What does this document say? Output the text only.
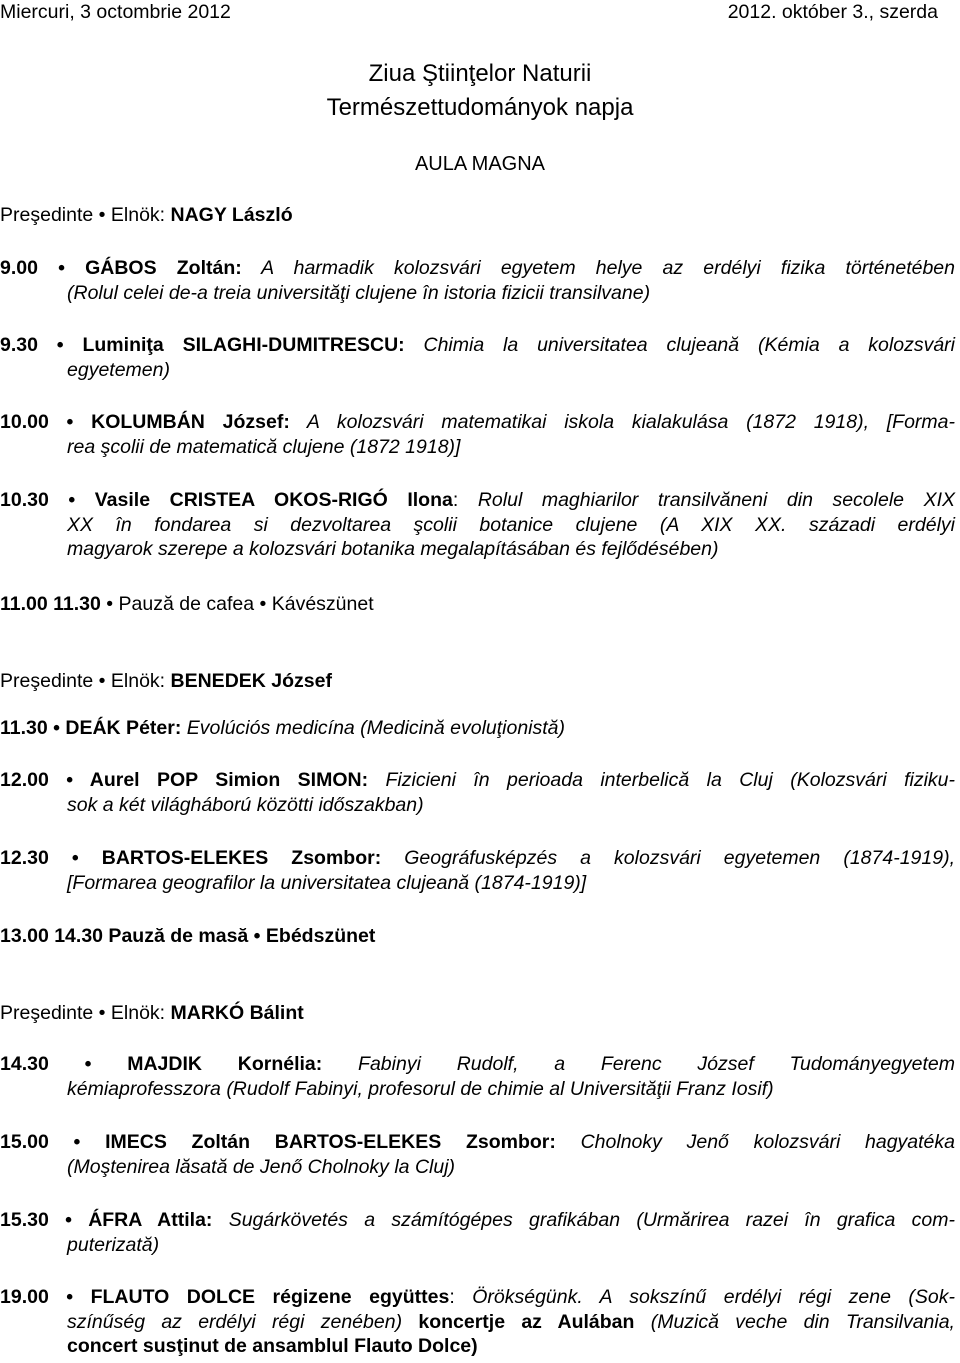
Miercuri, 3 octombrie 2012	2012. október 3., szerda
Ziua Ştiinţelor Naturii
Természettudományok napja
AULA MAGNA
Preşedinte • Elnök: NAGY László
9.00 • GÁBOS Zoltán: A harmadik kolozsvári egyetem helye az erdélyi fizika történetében
(Rolul celei de-a treia universităţi clujene în istoria fizicii transilvane)
9.30 • Luminiţa SILAGHI-DUMITRESCU: Chimia la universitatea clujeană (Kémia a kolozsvári
egyetemen)
10.00 • KOLUMBÁN József: A kolozsvári matematikai iskola kialakulása (1872 1918), [Forma-
rea şcolii de matematică clujene (1872 1918)]
10.30 • Vasile CRISTEA OKOS-RIGÓ Ilona: Rolul maghiarilor transilvăneni din secolele XIX
XX în fondarea si dezvoltarea şcolii botanice clujene (A XIX XX. századi erdélyi
magyarok szerepe a kolozsvári botanika megalapításában és fejlődésében)
11.00 11.30 • Pauză de cafea • Kávészünet
Preşedinte • Elnök: BENEDEK József
11.30 • DEÁK Péter: Evolúciós medicína (Medicină evoluţionistă)
12.00 • Aurel POP Simion SIMON: Fizicieni în perioada interbelică la Cluj (Kolozsvári fiziku-
sok a két világháború közötti időszakban)
12.30 • BARTOS-ELEKES Zsombor: Geográfusképzés a kolozsvári egyetemen (1874-1919),
[Formarea geografilor la universitatea clujeană (1874-1919)]
13.00 14.30 Pauză de masă • Ebédszünet
Preşedinte • Elnök: MARKÓ Bálint
14.30 • MAJDIK Kornélia: Fabinyi Rudolf, a Ferenc József Tudományegyetem
kémiaprofesszora (Rudolf Fabinyi, profesorul de chimie al Universităţii Franz Iosif)
15.00 • IMECS Zoltán BARTOS-ELEKES Zsombor: Cholnoky Jenő kolozsvári hagyatéka
(Moştenirea lăsată de Jenő Cholnoky la Cluj)
15.30 • ÁFRA Attila: Sugárkövetés a számítógépes grafikában (Urmărirea razei în grafica com-
puterizată)
19.00 • FLAUTO DOLCE régizene együttes: Örökségünk. A sokszínű erdélyi régi zene (Sok-
színűség az erdélyi régi zenében) koncertje az Aulában (Muzică veche din Transilvania,
concert susţinut de ansamblul Flauto Dolce)
